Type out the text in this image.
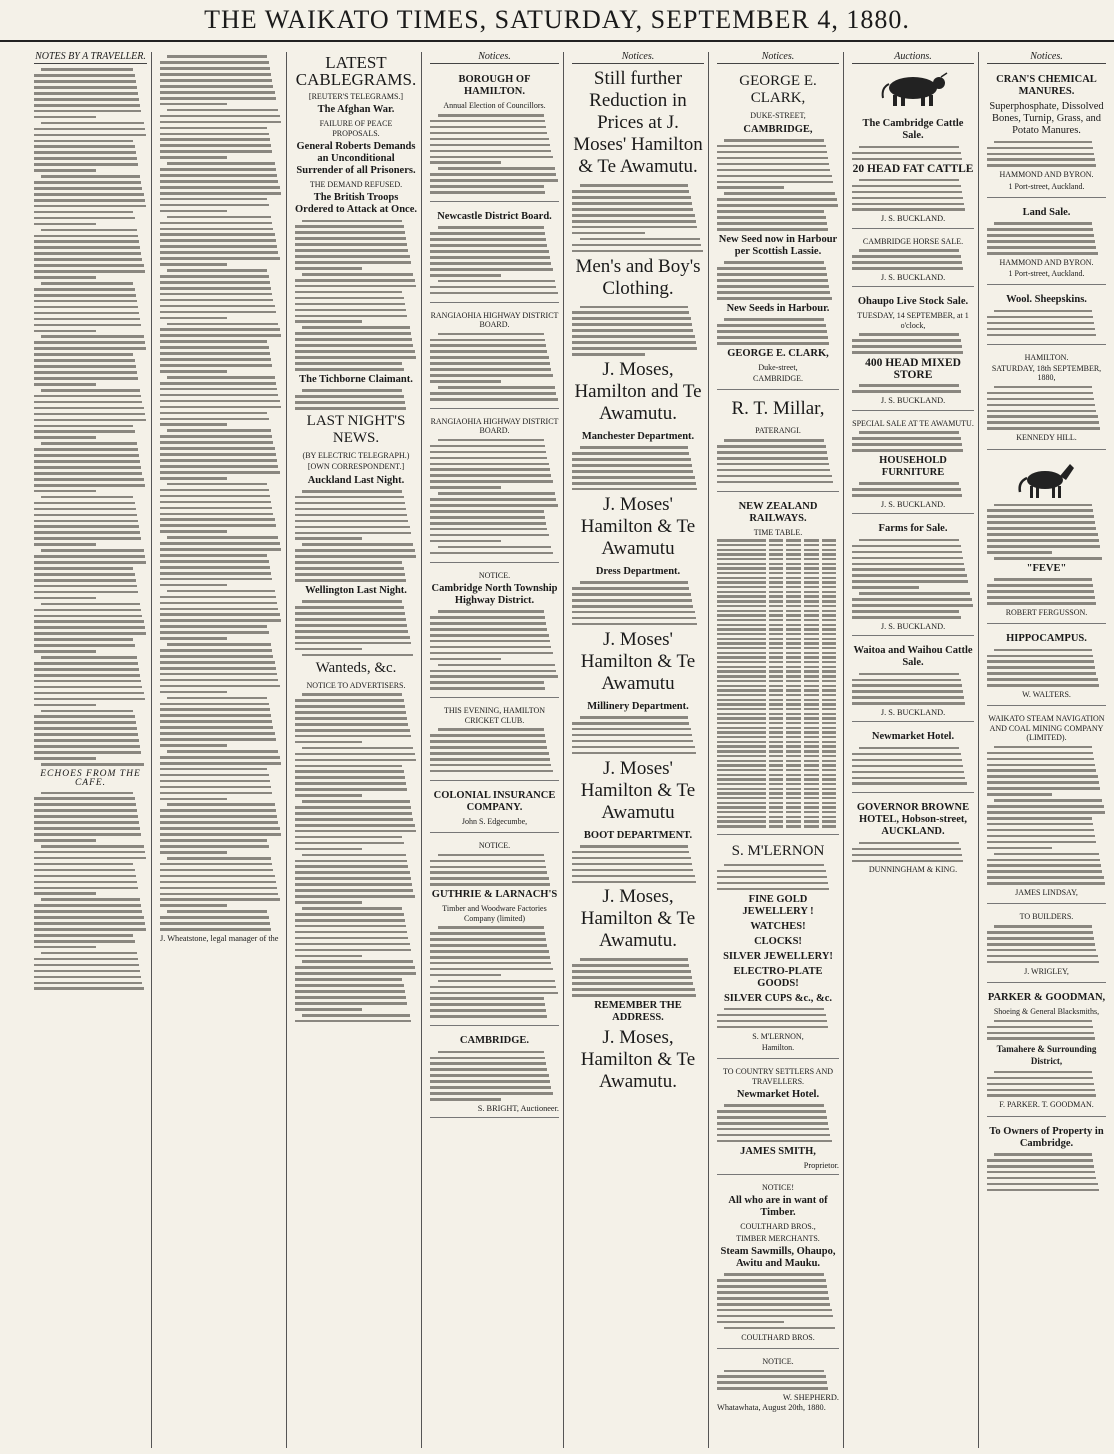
THE WAIKATO TIMES, SATURDAY, SEPTEMBER 4, 1880.
NOTES BY A TRAVELLER.
ECHOES FROM THE CAFE.
J. Wheatstone, legal manager of the
LATEST CABLEGRAMS.
[REUTER'S TELEGRAMS.]
The Afghan War.
FAILURE OF PEACE PROPOSALS.
General Roberts Demands an Unconditional Surrender of all Prisoners.
THE DEMAND REFUSED.
The British Troops Ordered to Attack at Once.
The Tichborne Claimant.
LAST NIGHT'S NEWS.
(BY ELECTRIC TELEGRAPH.)
[OWN CORRESPONDENT.]
Auckland Last Night.
Wellington Last Night.
Wanteds, &c.
NOTICE TO ADVERTISERS.
Notices.
BOROUGH OF HAMILTON.
Annual Election of Councillors.
Newcastle District Board.
RANGIAOHIA HIGHWAY DISTRICT BOARD.
RANGIAOHIA HIGHWAY DISTRICT BOARD.
NOTICE.
Cambridge North Township Highway District.
THIS EVENING, HAMILTON CRICKET CLUB.
COLONIAL INSURANCE COMPANY.
John S. Edgecumbe,
NOTICE.
GUTHRIE & LARNACH'S
Timber and Woodware Factories Company (limited)
CAMBRIDGE.
S. BRIGHT, Auctioneer.
Notices.
Still further Reduction in Prices at J. Moses' Hamilton & Te Awamutu.
Men's and Boy's Clothing.
J. Moses, Hamilton and Te Awamutu.
Manchester Department.
J. Moses' Hamilton & Te Awamutu
Dress Department.
J. Moses' Hamilton & Te Awamutu
Millinery Department.
J. Moses' Hamilton & Te Awamutu
BOOT DEPARTMENT.
J. Moses, Hamilton & Te Awamutu.
REMEMBER THE ADDRESS.
J. Moses, Hamilton & Te Awamutu.
Notices.
GEORGE E. CLARK,
DUKE-STREET,
CAMBRIDGE,
New Seed now in Harbour per Scottish Lassie.
New Seeds in Harbour.
GEORGE E. CLARK,
Duke-street,
CAMBRIDGE.
R. T. Millar,
PATERANGI.
NEW ZEALAND RAILWAYS.
TIME TABLE.
S. M'LERNON
FINE GOLD JEWELLERY !
WATCHES!
CLOCKS!
SILVER JEWELLERY!
ELECTRO-PLATE GOODS!
SILVER CUPS &c., &c.
S. M'LERNON,
Hamilton.
TO COUNTRY SETTLERS AND TRAVELLERS.
Newmarket Hotel.
JAMES SMITH,
Proprietor.
NOTICE!
All who are in want of Timber.
COULTHARD BROS.,
TIMBER MERCHANTS.
Steam Sawmills, Ohaupo, Awitu and Mauku.
COULTHARD BROS.
NOTICE.
W. SHEPHERD.
Whatawhata, August 20th, 1880.
Auctions.
The Cambridge Cattle Sale.
20 HEAD FAT CATTLE
J. S. BUCKLAND.
CAMBRIDGE HORSE SALE.
J. S. BUCKLAND.
Ohaupo Live Stock Sale.
TUESDAY, 14 SEPTEMBER, at 1 o'clock,
400 HEAD MIXED STORE
J. S. BUCKLAND.
SPECIAL SALE AT TE AWAMUTU.
HOUSEHOLD FURNITURE
J. S. BUCKLAND.
Farms for Sale.
J. S. BUCKLAND.
Waitoa and Waihou Cattle Sale.
J. S. BUCKLAND.
Newmarket Hotel.
GOVERNOR BROWNE HOTEL, Hobson-street, AUCKLAND.
DUNNINGHAM & KING.
Notices.
CRAN'S CHEMICAL MANURES.
Superphosphate, Dissolved Bones, Turnip, Grass, and Potato Manures.
HAMMOND AND BYRON.
1 Port-street, Auckland.
Land Sale.
HAMMOND AND BYRON.
1 Port-street, Auckland.
Wool. Sheepskins.
HAMILTON.
SATURDAY, 18th SEPTEMBER, 1880,
KENNEDY HILL.
"FEVE"
ROBERT FERGUSSON.
HIPPOCAMPUS.
W. WALTERS.
WAIKATO STEAM NAVIGATION AND COAL MINING COMPANY (LIMITED).
JAMES LINDSAY,
TO BUILDERS.
J. WRIGLEY,
PARKER & GOODMAN,
Shoeing & General Blacksmiths,
Tamahere & Surrounding District,
F. PARKER. T. GOODMAN.
To Owners of Property in Cambridge.
